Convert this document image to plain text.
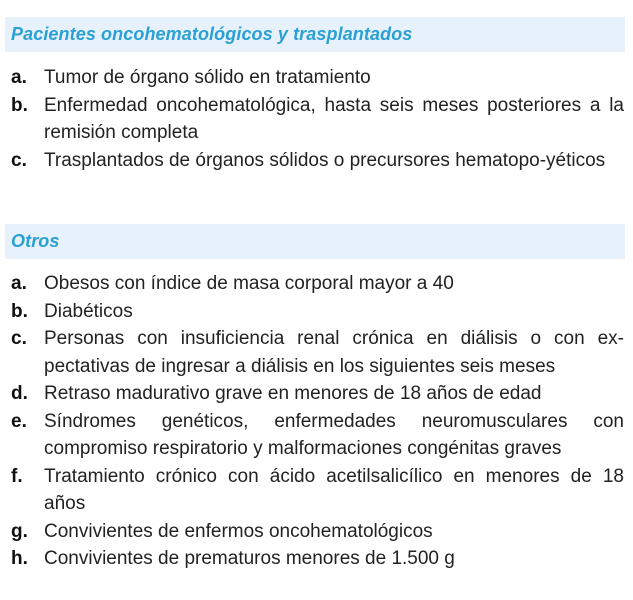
Pacientes oncohematológicos y trasplantados
a. Tumor de órgano sólido en tratamiento
b. Enfermedad oncohematológica, hasta seis meses posteriores a la remisión completa
c. Trasplantados de órganos sólidos o precursores hematopo-yéticos
Otros
a. Obesos con índice de masa corporal mayor a 40
b. Diabéticos
c. Personas con insuficiencia renal crónica en diálisis o con ex-pectativas de ingresar a diálisis en los siguientes seis meses
d. Retraso madurativo grave en menores de 18 años de edad
e. Síndromes genéticos, enfermedades neuromusculares con compromiso respiratorio y malformaciones congénitas graves
f. Tratamiento crónico con ácido acetilsalicílico en menores de 18 años
g. Convivientes de enfermos oncohematológicos
h. Convivientes de prematuros menores de 1.500 g
